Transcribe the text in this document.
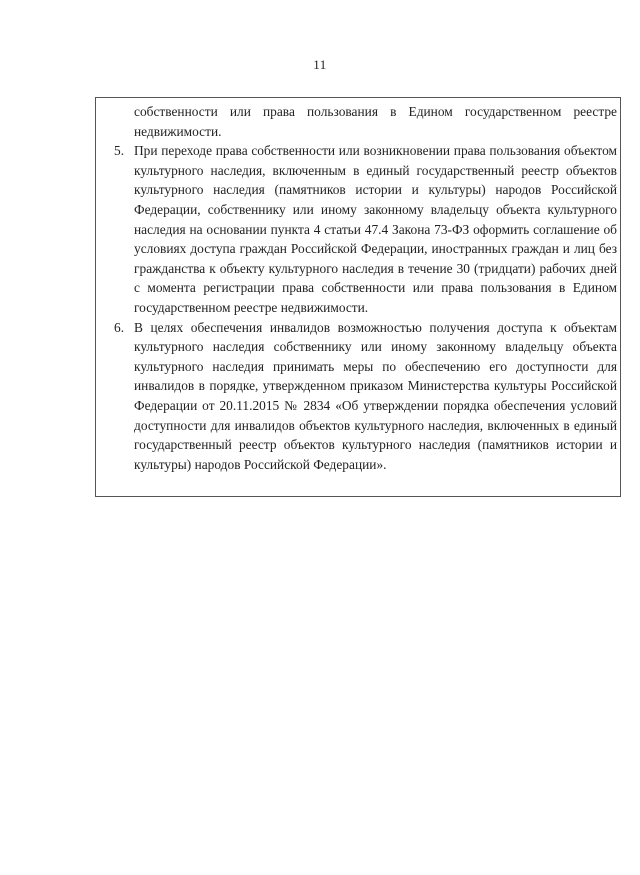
11

собственности или права пользования в Едином государственном реестре недвижимости.

5. При переходе права собственности или возникновении права пользования объектом культурного наследия, включенным в единый государственный реестр объектов культурного наследия (памятников истории и культуры) народов Российской Федерации, собственнику или иному законному владельцу объекта культурного наследия на основании пункта 4 статьи 47.4 Закона 73-ФЗ оформить соглашение об условиях доступа граждан Российской Федерации, иностранных граждан и лиц без гражданства к объекту культурного наследия в течение 30 (тридцати) рабочих дней с момента регистрации права собственности или права пользования в Едином государственном реестре недвижимости.

6. В целях обеспечения инвалидов возможностью получения доступа к объектам культурного наследия собственнику или иному законному владельцу объекта культурного наследия принимать меры по обеспечению его доступности для инвалидов в порядке, утвержденном приказом Министерства культуры Российской Федерации от 20.11.2015 № 2834 «Об утверждении порядка обеспечения условий доступности для инвалидов объектов культурного наследия, включенных в единый государственный реестр объектов культурного наследия (памятников истории и культуры) народов Российской Федерации».
